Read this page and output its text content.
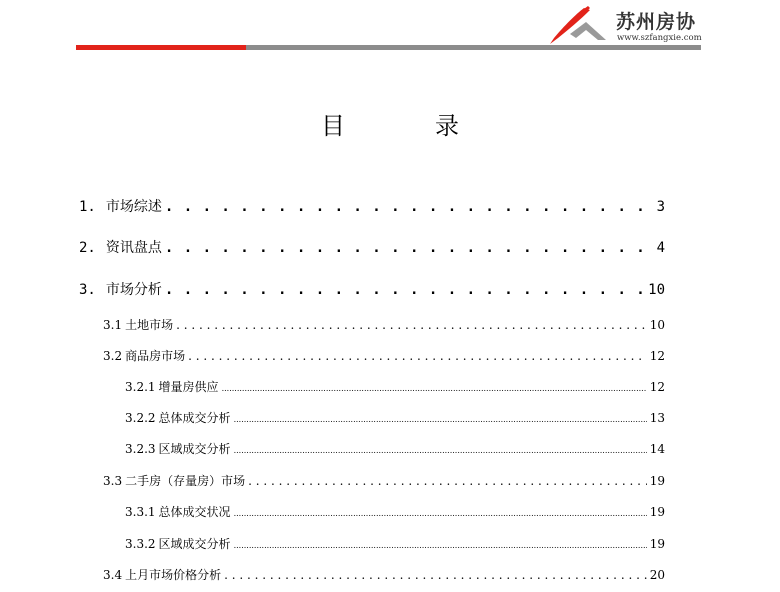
苏州房协
www.szfangxie.com
目录
1. 市场综述 . . .	3
2. 资讯盘点 . . .	4
3. 市场分析 . . .	10
3.1 土地市场 . . .	10
3.2 商品房市场 . . .	12
3.2.1 增量房供应 .....	12
3.2.2 总体成交分析 .....	13
3.2.3 区域成交分析 .....	14
3.3 二手房（存量房）市场 . . .	19
3.3.1 总体成交状况 .....	19
3.3.2 区域成交分析 .....	19
3.4 上月市场价格分析 . . .	20
